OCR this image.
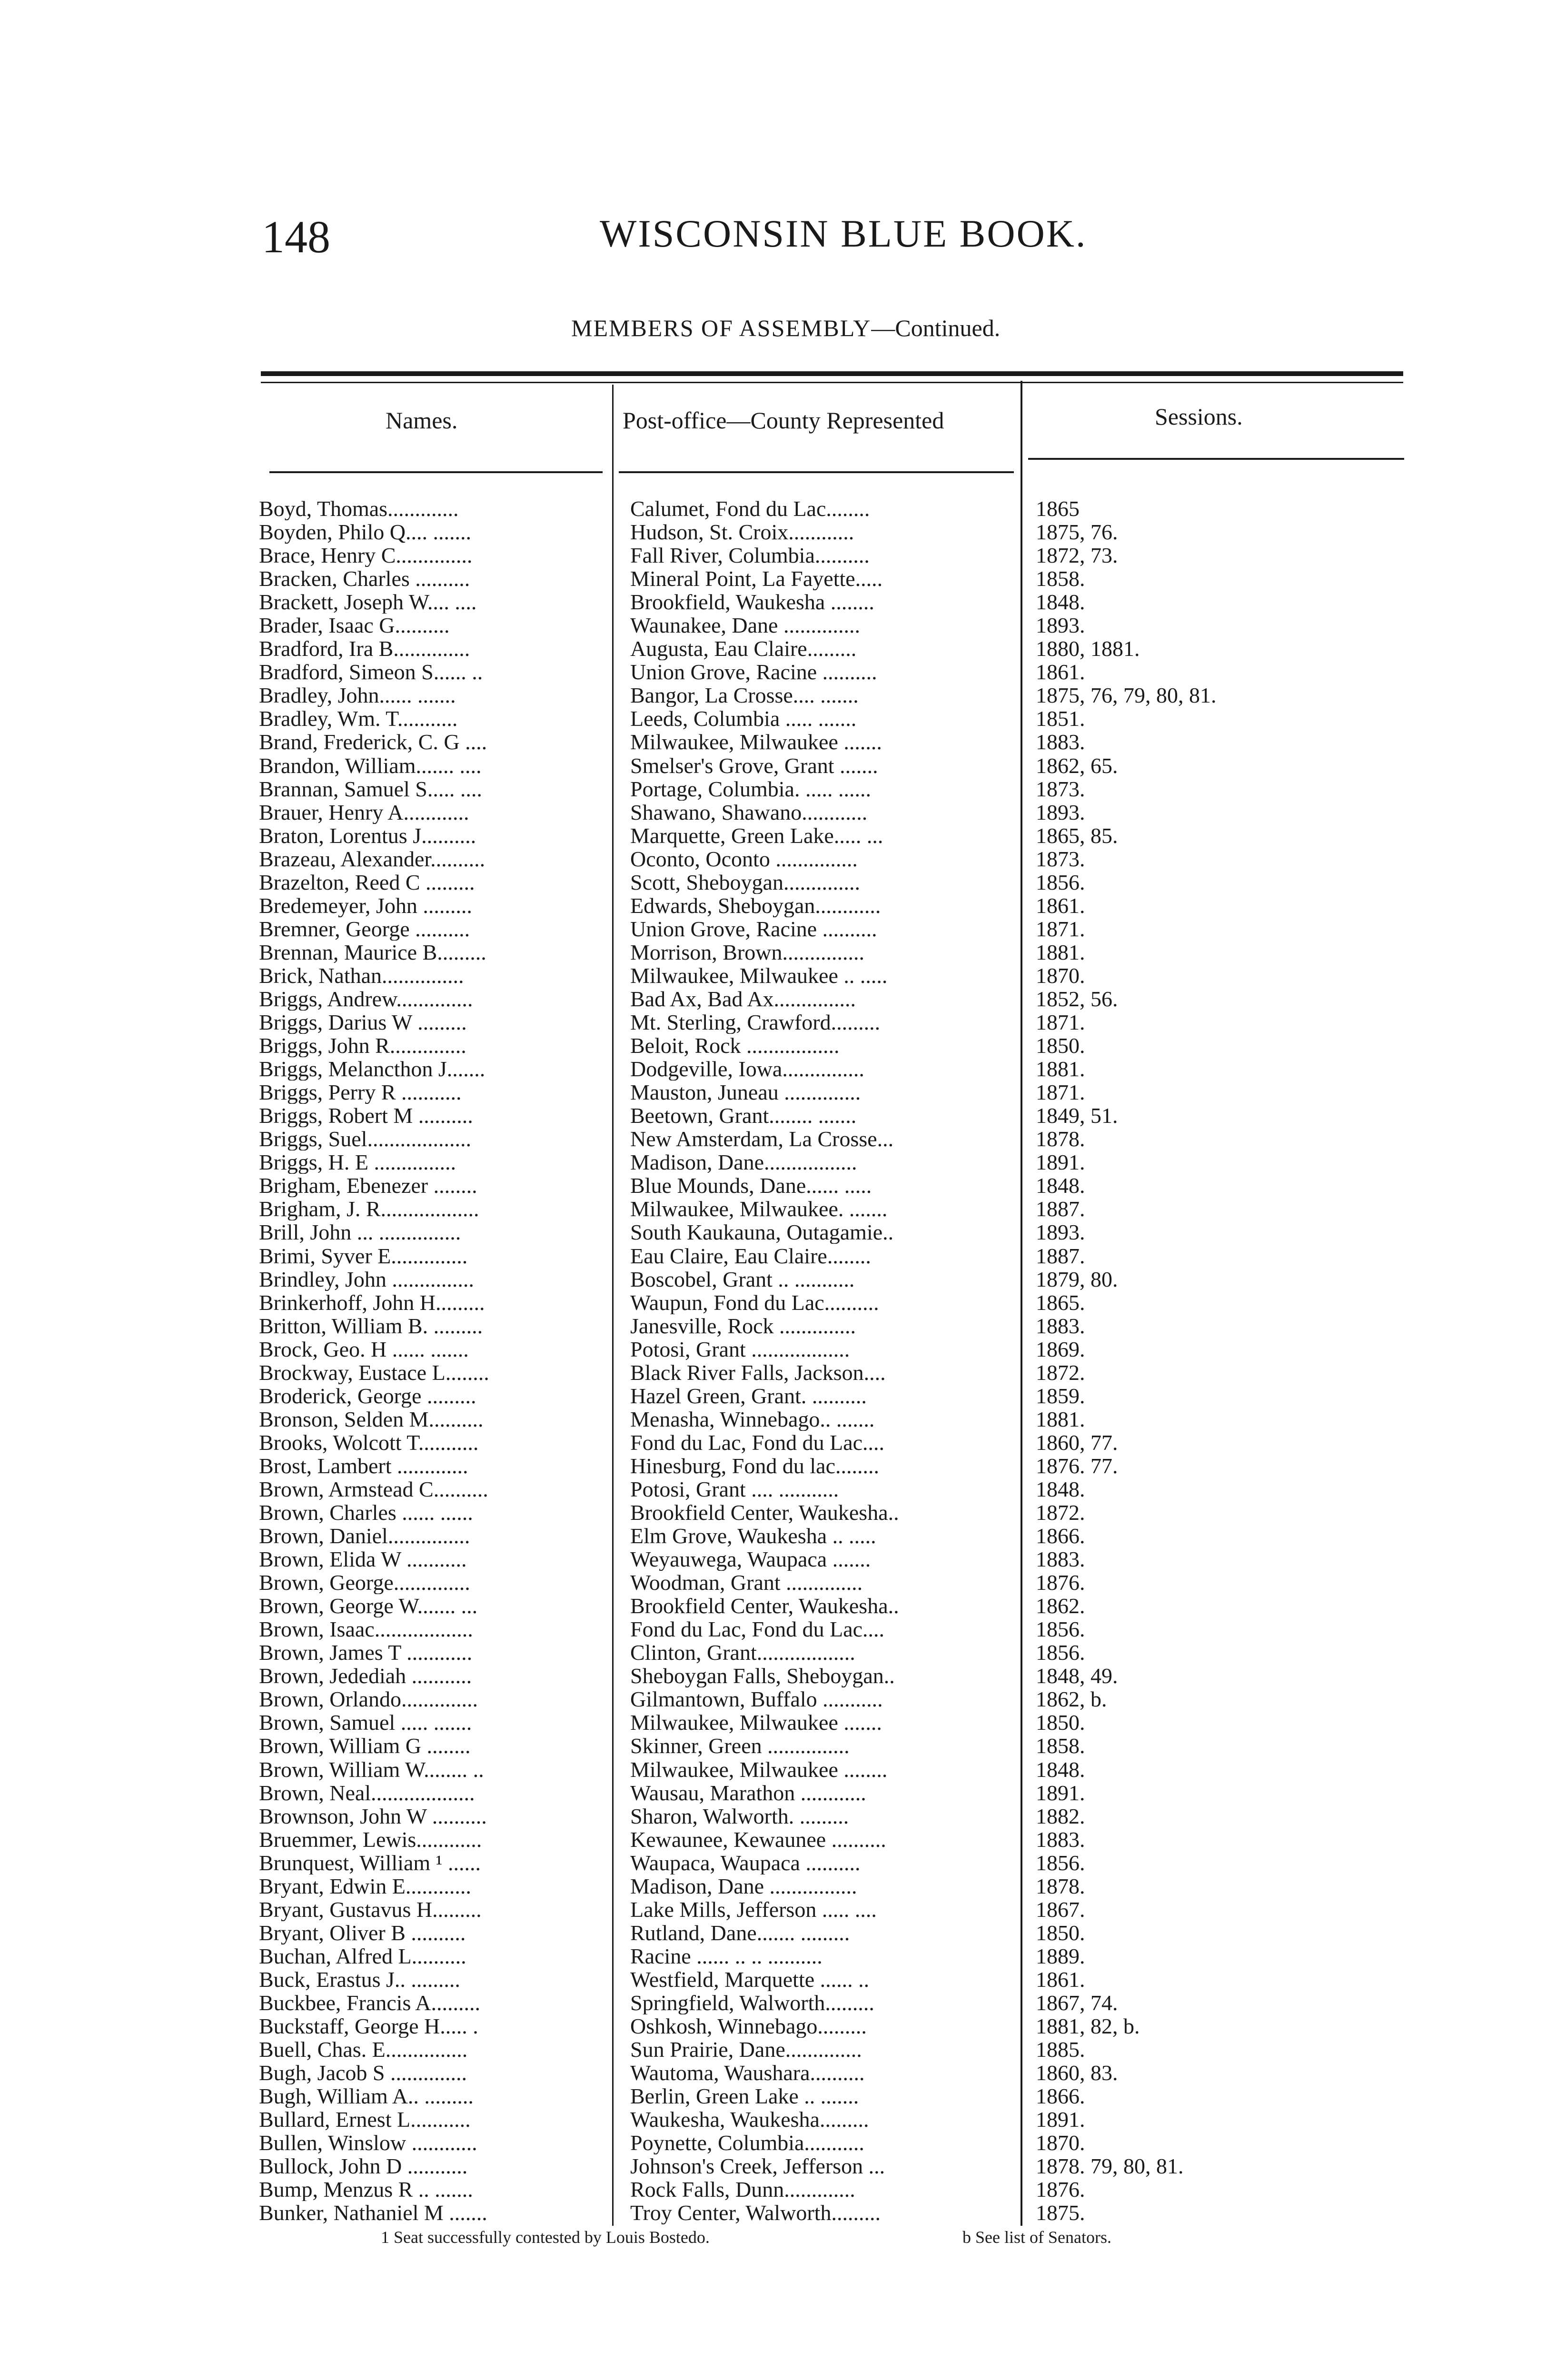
148	WISCONSIN BLUE BOOK.
MEMBERS OF ASSEMBLY—Continued.
Names.	Post-office—County Represented	Sessions.
Boyd, Thomas.............	Calumet, Fond du Lac........	1865
Boyden, Philo Q.... .......	Hudson, St. Croix............	1875, 76.
Brace, Henry C..............	Fall River, Columbia..........	1872, 73.
Bracken, Charles ..........	Mineral Point, La Fayette.....	1858.
Brackett, Joseph W.... ....	Brookfield, Waukesha ........	1848.
Brader, Isaac G..........	Waunakee, Dane ..............	1893.
Bradford, Ira B..............	Augusta, Eau Claire.........	1880, 1881.
Bradford, Simeon S...... ..	Union Grove, Racine ..........	1861.
Bradley, John...... .......	Bangor, La Crosse.... .......	1875, 76, 79, 80, 81.
Bradley, Wm. T...........	Leeds, Columbia ..... .......	1851.
Brand, Frederick, C. G ....	Milwaukee, Milwaukee .......	1883.
Brandon, William....... ....	Smelser's Grove, Grant .......	1862, 65.
Brannan, Samuel S..... ....	Portage, Columbia. ..... ......	1873.
Brauer, Henry A............	Shawano, Shawano............	1893.
Braton, Lorentus J..........	Marquette, Green Lake..... ...	1865, 85.
Brazeau, Alexander..........	Oconto, Oconto ...............	1873.
Brazelton, Reed C .........	Scott, Sheboygan..............	1856.
Bredemeyer, John .........	Edwards, Sheboygan............	1861.
Bremner, George ..........	Union Grove, Racine ..........	1871.
Brennan, Maurice B.........	Morrison, Brown...............	1881.
Brick, Nathan...............	Milwaukee, Milwaukee .. .....	1870.
Briggs, Andrew..............	Bad Ax, Bad Ax...............	1852, 56.
Briggs, Darius W .........	Mt. Sterling, Crawford.........	1871.
Briggs, John R..............	Beloit, Rock .................	1850.
Briggs, Melancthon J.......	Dodgeville, Iowa...............	1881.
Briggs, Perry R ...........	Mauston, Juneau ..............	1871.
Briggs, Robert M ..........	Beetown, Grant........ .......	1849, 51.
Briggs, Suel...................	New Amsterdam, La Crosse...	1878.
Briggs, H. E ...............	Madison, Dane.................	1891.
Brigham, Ebenezer ........	Blue Mounds, Dane...... .....	1848.
Brigham, J. R..................	Milwaukee, Milwaukee. .......	1887.
Brill, John ... ...............	South Kaukauna, Outagamie..	1893.
Brimi, Syver E..............	Eau Claire, Eau Claire........	1887.
Brindley, John ...............	Boscobel, Grant .. ...........	1879, 80.
Brinkerhoff, John H.........	Waupun, Fond du Lac..........	1865.
Britton, William B. .........	Janesville, Rock ..............	1883.
Brock, Geo. H ...... .......	Potosi, Grant ..................	1869.
Brockway, Eustace L........	Black River Falls, Jackson....	1872.
Broderick, George .........	Hazel Green, Grant. ..........	1859.
Bronson, Selden M..........	Menasha, Winnebago.. .......	1881.
Brooks, Wolcott T...........	Fond du Lac, Fond du Lac....	1860, 77.
Brost, Lambert .............	Hinesburg, Fond du lac........	1876. 77.
Brown, Armstead C..........	Potosi, Grant .... ...........	1848.
Brown, Charles ...... ......	Brookfield Center, Waukesha..	1872.
Brown, Daniel...............	Elm Grove, Waukesha .. .....	1866.
Brown, Elida W ...........	Weyauwega, Waupaca .......	1883.
Brown, George..............	Woodman, Grant ..............	1876.
Brown, George W....... ...	Brookfield Center, Waukesha..	1862.
Brown, Isaac..................	Fond du Lac, Fond du Lac....	1856.
Brown, James T ............	Clinton, Grant..................	1856.
Brown, Jedediah ...........	Sheboygan Falls, Sheboygan..	1848, 49.
Brown, Orlando..............	Gilmantown, Buffalo ...........	1862, b.
Brown, Samuel ..... .......	Milwaukee, Milwaukee .......	1850.
Brown, William G ........	Skinner, Green ...............	1858.
Brown, William W........ ..	Milwaukee, Milwaukee ........	1848.
Brown, Neal...................	Wausau, Marathon ............	1891.
Brownson, John W ..........	Sharon, Walworth. .........	1882.
Bruemmer, Lewis............	Kewaunee, Kewaunee ..........	1883.
Brunquest, William ¹ ......	Waupaca, Waupaca ..........	1856.
Bryant, Edwin E............	Madison, Dane ................	1878.
Bryant, Gustavus H.........	Lake Mills, Jefferson ..... ....	1867.
Bryant, Oliver B ..........	Rutland, Dane....... .........	1850.
Buchan, Alfred L..........	Racine ...... .. .. ..........	1889.
Buck, Erastus J.. .........	Westfield, Marquette ...... ..	1861.
Buckbee, Francis A.........	Springfield, Walworth.........	1867, 74.
Buckstaff, George H..... .	Oshkosh, Winnebago.........	1881, 82, b.
Buell, Chas. E...............	Sun Prairie, Dane..............	1885.
Bugh, Jacob S ..............	Wautoma, Waushara..........	1860, 83.
Bugh, William A.. .........	Berlin, Green Lake .. .......	1866.
Bullard, Ernest L...........	Waukesha, Waukesha.........	1891.
Bullen, Winslow ............	Poynette, Columbia...........	1870.
Bullock, John D ...........	Johnson's Creek, Jefferson ...	1878. 79, 80, 81.
Bump, Menzus R .. .......	Rock Falls, Dunn.............	1876.
Bunker, Nathaniel M .......	Troy Center, Walworth.........	1875.
1 Seat successfully contested by Louis Bostedo.	b See list of Senators.
